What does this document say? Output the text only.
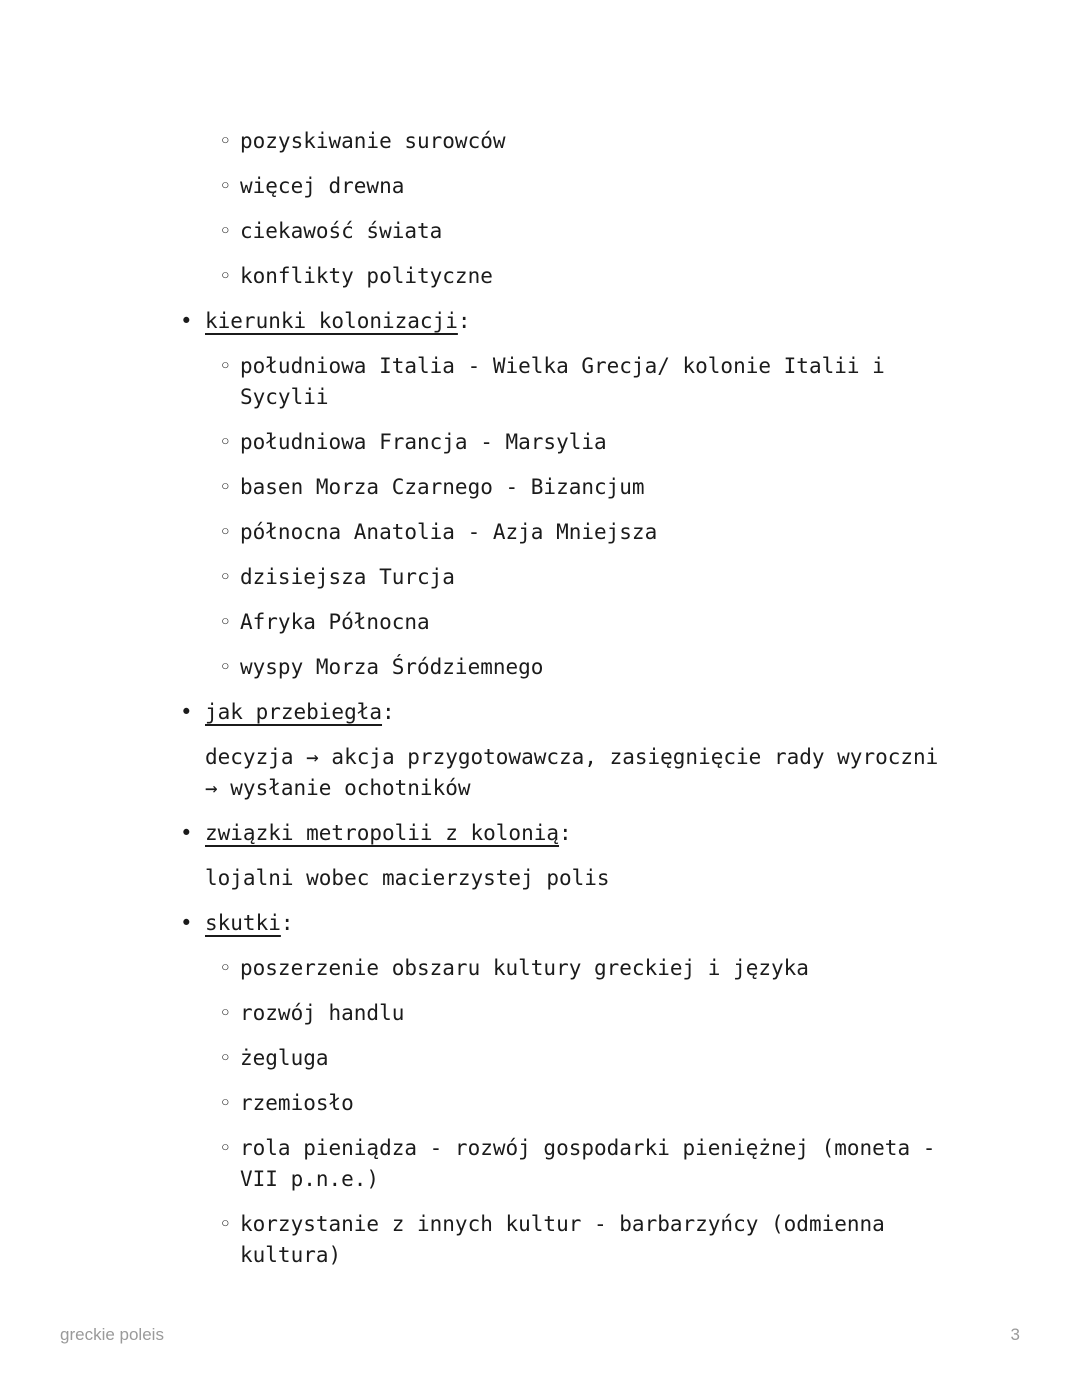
◦ pozyskiwanie surowców
◦ więcej drewna
◦ ciekawość świata
◦ konflikty polityczne
• kierunki kolonizacji:
◦ południowa Italia - Wielka Grecja/ kolonie Italii i Sycylii
◦ południowa Francja - Marsylia
◦ basen Morza Czarnego - Bizancjum
◦ północna Anatolia - Azja Mniejsza
◦ dzisiejsza Turcja
◦ Afryka Północna
◦ wyspy Morza Śródziemnego
• jak przebiegła:
decyzja → akcja przygotowawcza, zasięgnięcie rady wyroczni → wysłanie ochotników
• związki metropolii z kolonią:
lojalni wobec macierzystej polis
• skutki:
◦ poszerzenie obszaru kultury greckiej i języka
◦ rozwój handlu
◦ żegluga
◦ rzemiosło
◦ rola pieniądza - rozwój gospodarki pieniężnej (moneta - VII p.n.e.)
◦ korzystanie z innych kultur - barbarzyńcy (odmienna kultura)
greckie poleis	3
